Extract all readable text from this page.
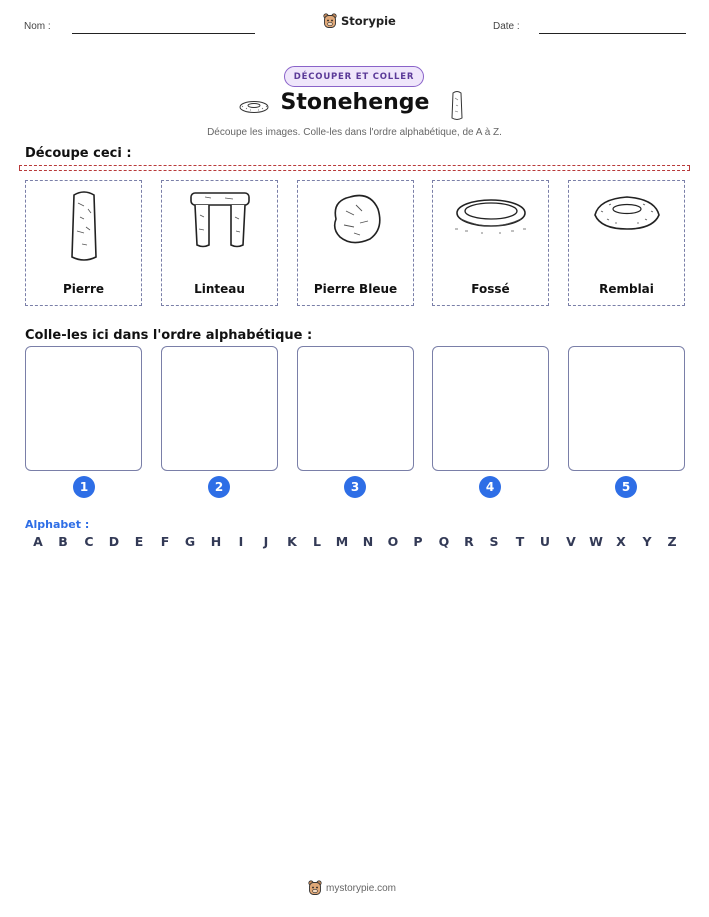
Nom :	Storypie	Date :
DÉCOUPER ET COLLER
Stonehenge
Découpe les images. Colle-les dans l'ordre alphabétique, de A à Z.
Découpe ceci :
Pierre	Linteau	Pierre Bleue	Fossé	Remblai
Colle-les ici dans l'ordre alphabétique :
1	2	3	4	5
Alphabet :
A	B	C	D	E	F	G	H	I	J	K	L	M	N	O	P	Q	R	S	T	U	V	W	X	Y	Z
mystorypie.com
